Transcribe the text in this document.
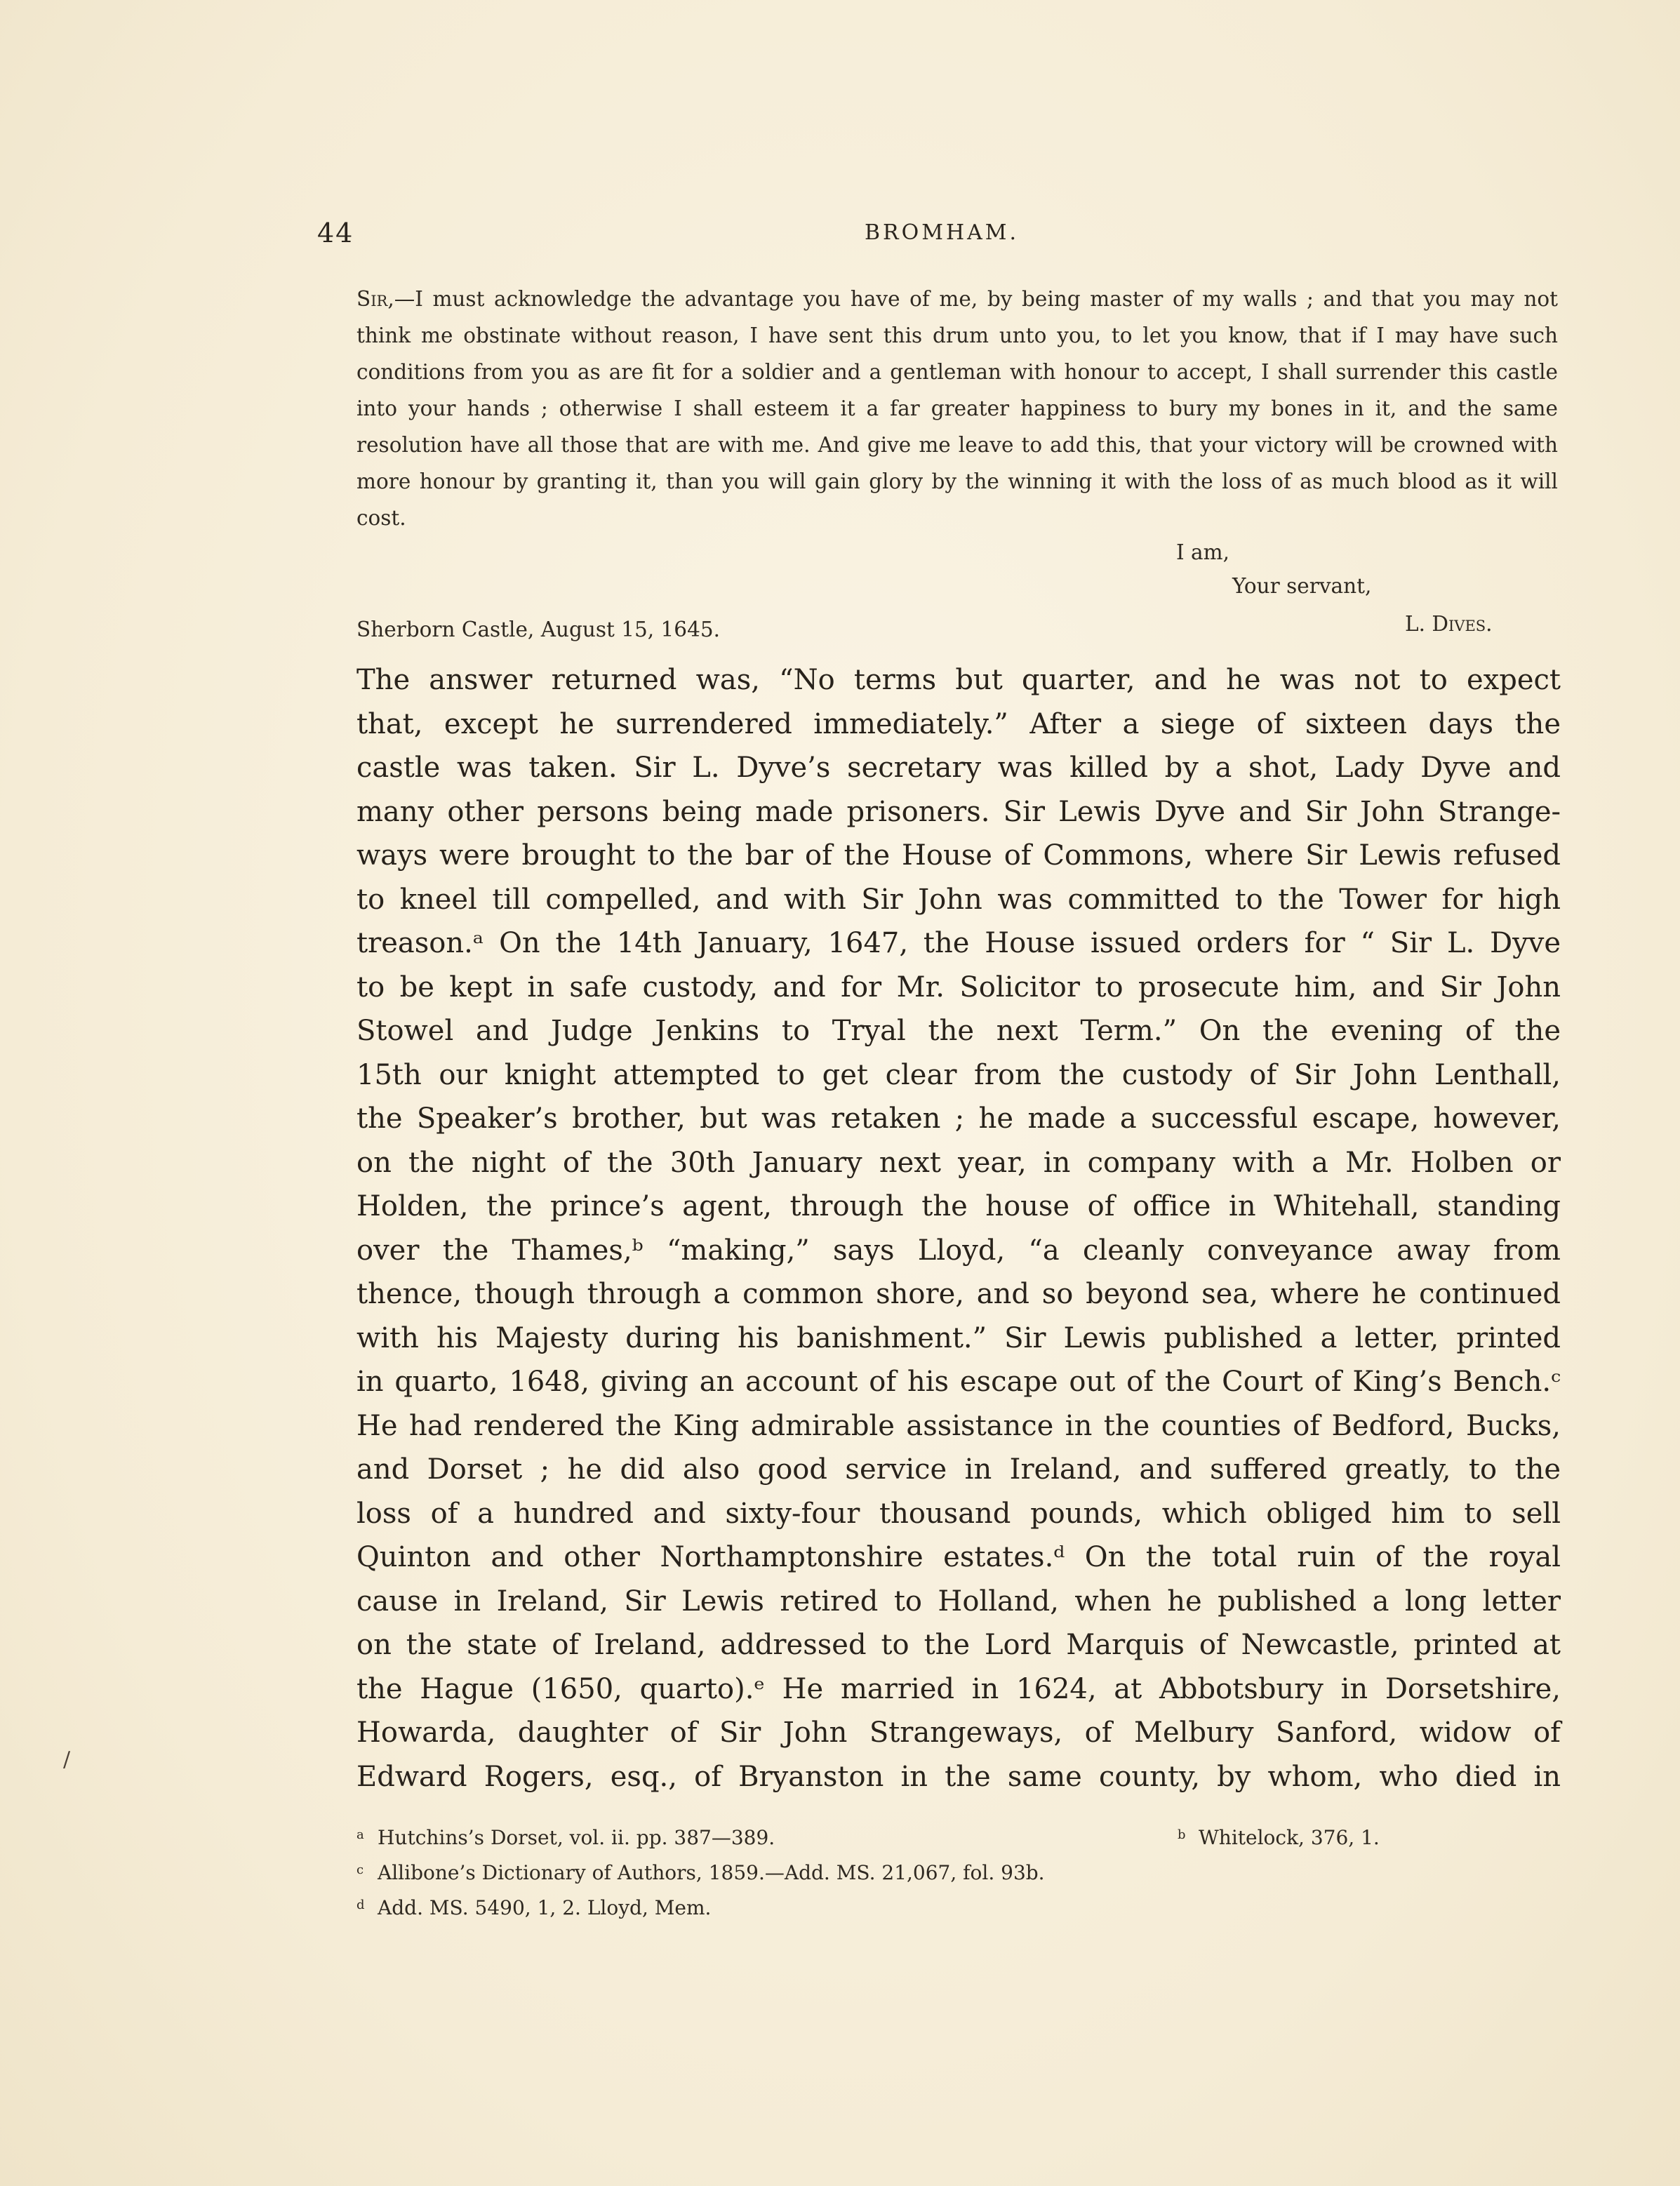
44	BROMHAM.
Sir,—I must acknowledge the advantage you have of me, by being master of my walls ; and that you may not think me obstinate without reason, I have sent this drum unto you, to let you know, that if I may have such conditions from you as are fit for a soldier and a gentleman with honour to accept, I shall surrender this castle into your hands ; otherwise I shall esteem it a far greater happiness to bury my bones in it, and the same resolution have all those that are with me. And give me leave to add this, that your victory will be crowned with more honour by granting it, than you will gain glory by the winning it with the loss of as much blood as it will cost.
I am,
Your servant,
Sherborn Castle, August 15, 1645.	L. Dives.
The answer returned was, “No terms but quarter, and he was not to expect
that, except he surrendered immediately.” After a siege of sixteen days the
castle was taken. Sir L. Dyve’s secretary was killed by a shot, Lady Dyve and
many other persons being made prisoners. Sir Lewis Dyve and Sir John Strange-
ways were brought to the bar of the House of Commons, where Sir Lewis refused
to kneel till compelled, and with Sir John was committed to the Tower for high
treason.ᵃ On the 14th January, 1647, the House issued orders for “ Sir L. Dyve
to be kept in safe custody, and for Mr. Solicitor to prosecute him, and Sir John
Stowel and Judge Jenkins to Tryal the next Term.” On the evening of the
15th our knight attempted to get clear from the custody of Sir John Lenthall,
the Speaker’s brother, but was retaken ; he made a successful escape, however,
on the night of the 30th January next year, in company with a Mr. Holben or
Holden, the prince’s agent, through the house of office in Whitehall, standing
over the Thames,ᵇ “making,” says Lloyd, “a cleanly conveyance away from
thence, though through a common shore, and so beyond sea, where he continued
with his Majesty during his banishment.” Sir Lewis published a letter, printed
in quarto, 1648, giving an account of his escape out of the Court of King’s Bench.ᶜ
He had rendered the King admirable assistance in the counties of Bedford, Bucks,
and Dorset ; he did also good service in Ireland, and suffered greatly, to the
loss of a hundred and sixty-four thousand pounds, which obliged him to sell
Quinton and other Northamptonshire estates.ᵈ On the total ruin of the royal
cause in Ireland, Sir Lewis retired to Holland, when he published a long letter
on the state of Ireland, addressed to the Lord Marquis of Newcastle, printed at
the Hague (1650, quarto).ᵉ He married in 1624, at Abbotsbury in Dorsetshire,
Howarda, daughter of Sir John Strangeways, of Melbury Sanford, widow of
Edward Rogers, esq., of Bryanston in the same county, by whom, who died in
a Hutchins’s Dorset, vol. ii. pp. 387—389.	b Whitelock, 376, 1.
c Allibone’s Dictionary of Authors, 1859.—Add. MS. 21,067, fol. 93b.
d Add. MS. 5490, 1, 2. Lloyd, Mem.
/
